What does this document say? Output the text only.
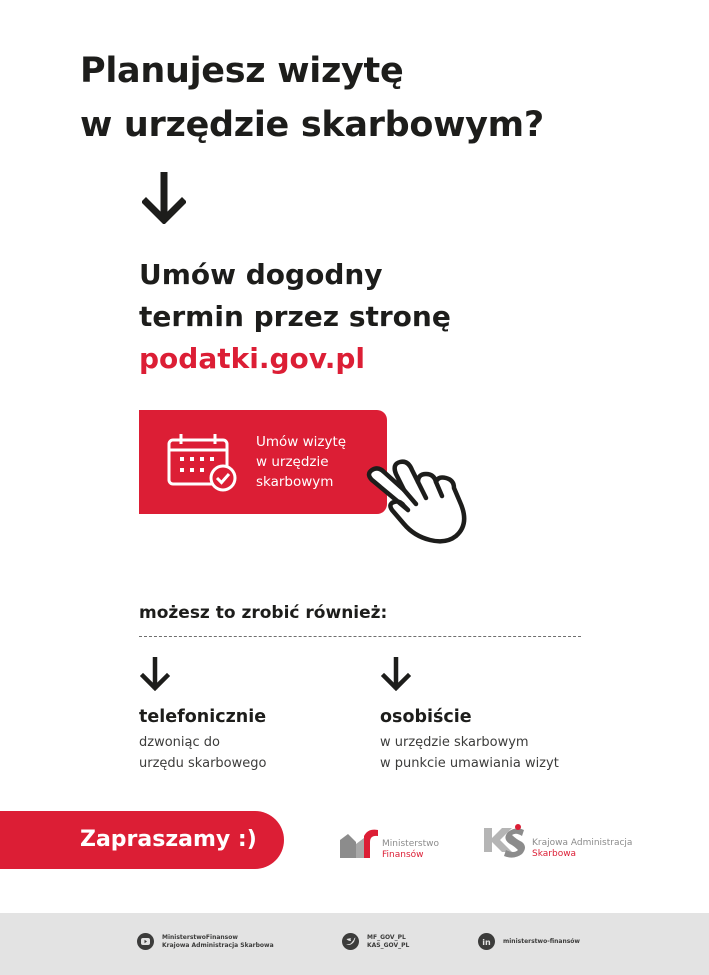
Planujesz wizytę
w urzędzie skarbowym?
Umów dogodny
termin przez stronę
podatki.gov.pl
Umów wizytę
w urzędzie
skarbowym
możesz to zrobić również:
telefonicznie
dzwoniąc do
urzędu skarbowego
osobiście
w urzędzie skarbowym
w punkcie umawiania wizyt
Zapraszamy :)	Ministerstwo
Finansów
Krajowa Administracja
Skarbowa
MinisterstwoFinansow
Krajowa Administracja Skarbowa
MF_GOV_PL
KAS_GOV_PL	in ministerstwo-finansów
